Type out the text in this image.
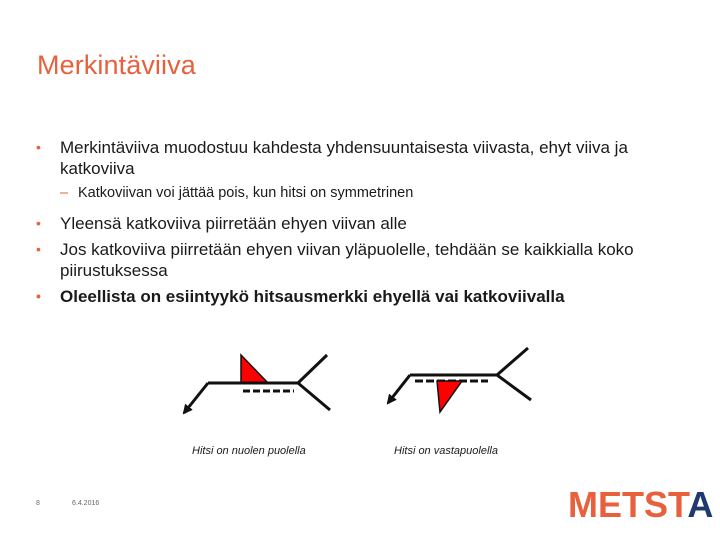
Merkintäviiva
• Merkintäviiva muodostuu kahdesta yhdensuuntaisesta viivasta, ehyt viiva ja katkoviiva
– Katkoviivan voi jättää pois, kun hitsi on symmetrinen
• Yleensä katkoviiva piirretään ehyen viivan alle
• Jos katkoviiva piirretään ehyen viivan yläpuolelle, tehdään se kaikkialla koko piirustuksessa
• Oleellista on esiintyykö hitsausmerkki ehyellä vai katkoviivalla
Hitsi on nuolen puolella	Hitsi on vastapuolella
8	6.4.2016	METSTA
